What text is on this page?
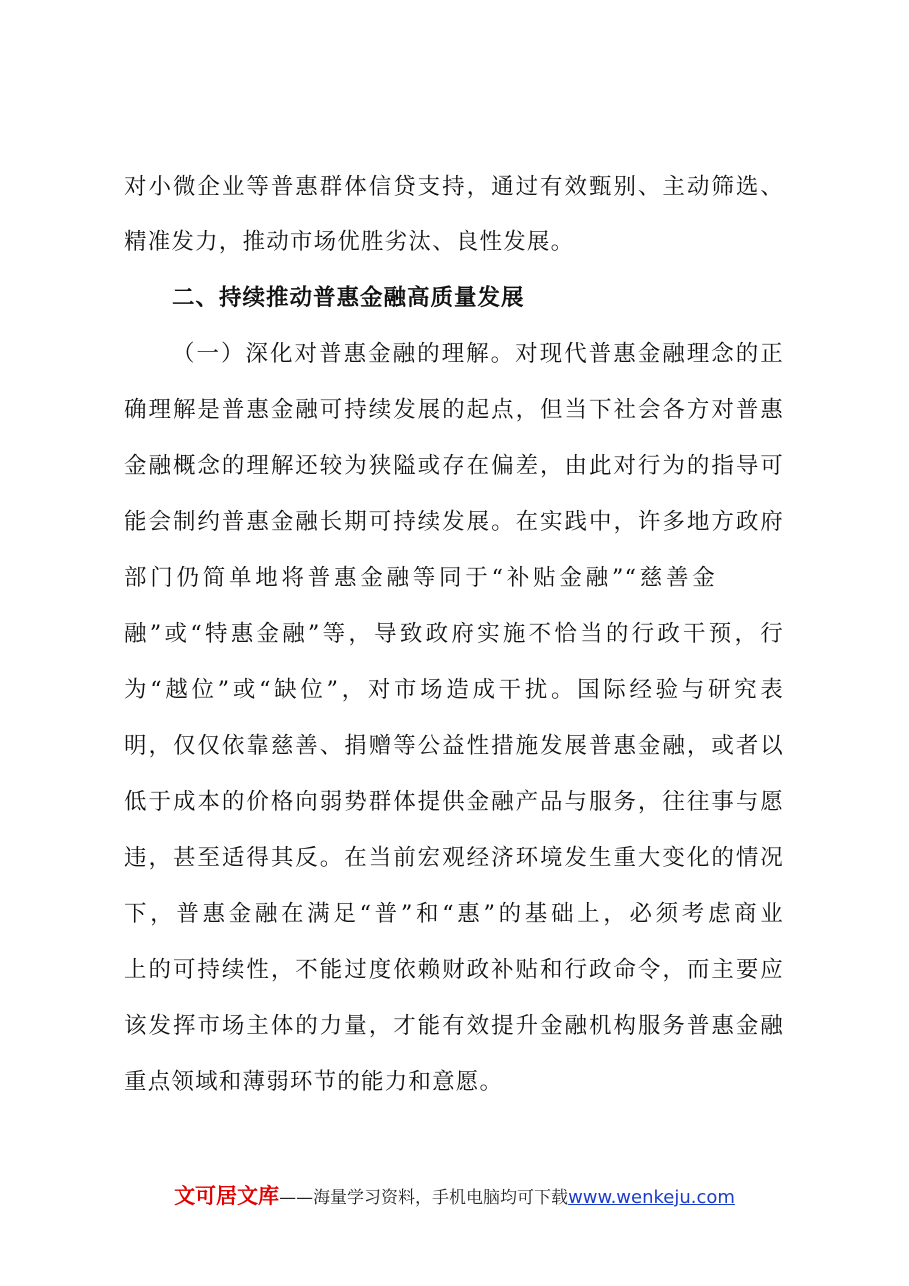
对小微企业等普惠群体信贷支持，通过有效甄别、主动筛选、
精准发力，推动市场优胜劣汰、良性发展。
二、持续推动普惠金融高质量发展
（一）深化对普惠金融的理解。对现代普惠金融理念的正
确理解是普惠金融可持续发展的起点，但当下社会各方对普惠
金融概念的理解还较为狭隘或存在偏差，由此对行为的指导可
能会制约普惠金融长期可持续发展。在实践中，许多地方政府
部门仍简单地将普惠金融等同于“补贴金融”“慈善金
融”或“特惠金融”等，导致政府实施不恰当的行政干预，行
为“越位”或“缺位”，对市场造成干扰。国际经验与研究表
明，仅仅依靠慈善、捐赠等公益性措施发展普惠金融，或者以
低于成本的价格向弱势群体提供金融产品与服务，往往事与愿
违，甚至适得其反。在当前宏观经济环境发生重大变化的情况
下，普惠金融在满足“普”和“惠”的基础上，必须考虑商业
上的可持续性，不能过度依赖财政补贴和行政命令，而主要应
该发挥市场主体的力量，才能有效提升金融机构服务普惠金融
重点领域和薄弱环节的能力和意愿。
文可居文库——海量学习资料，手机电脑均可下载www.wenkeju.com
